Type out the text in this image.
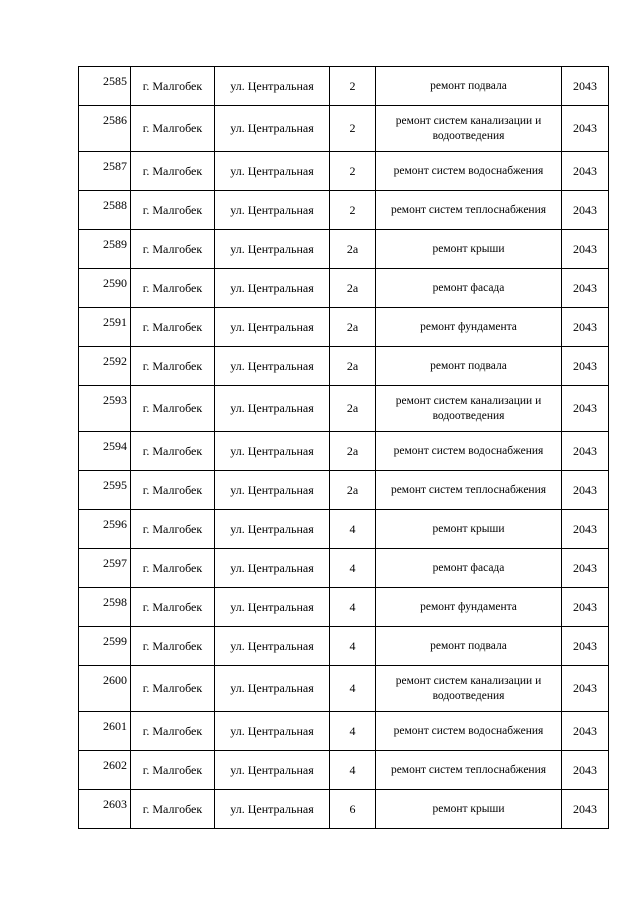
2585	г. Малгобек	ул. Центральная	2	ремонт подвала	2043
2586	г. Малгобек	ул. Центральная	2	ремонт систем канализации и водоотведения	2043
2587	г. Малгобек	ул. Центральная	2	ремонт систем водоснабжения	2043
2588	г. Малгобек	ул. Центральная	2	ремонт систем теплоснабжения	2043
2589	г. Малгобек	ул. Центральная	2а	ремонт крыши	2043
2590	г. Малгобек	ул. Центральная	2а	ремонт фасада	2043
2591	г. Малгобек	ул. Центральная	2а	ремонт фундамента	2043
2592	г. Малгобек	ул. Центральная	2а	ремонт подвала	2043
2593	г. Малгобек	ул. Центральная	2а	ремонт систем канализации и водоотведения	2043
2594	г. Малгобек	ул. Центральная	2а	ремонт систем водоснабжения	2043
2595	г. Малгобек	ул. Центральная	2а	ремонт систем теплоснабжения	2043
2596	г. Малгобек	ул. Центральная	4	ремонт крыши	2043
2597	г. Малгобек	ул. Центральная	4	ремонт фасада	2043
2598	г. Малгобек	ул. Центральная	4	ремонт фундамента	2043
2599	г. Малгобек	ул. Центральная	4	ремонт подвала	2043
2600	г. Малгобек	ул. Центральная	4	ремонт систем канализации и водоотведения	2043
2601	г. Малгобек	ул. Центральная	4	ремонт систем водоснабжения	2043
2602	г. Малгобек	ул. Центральная	4	ремонт систем теплоснабжения	2043
2603	г. Малгобек	ул. Центральная	6	ремонт крыши	2043
